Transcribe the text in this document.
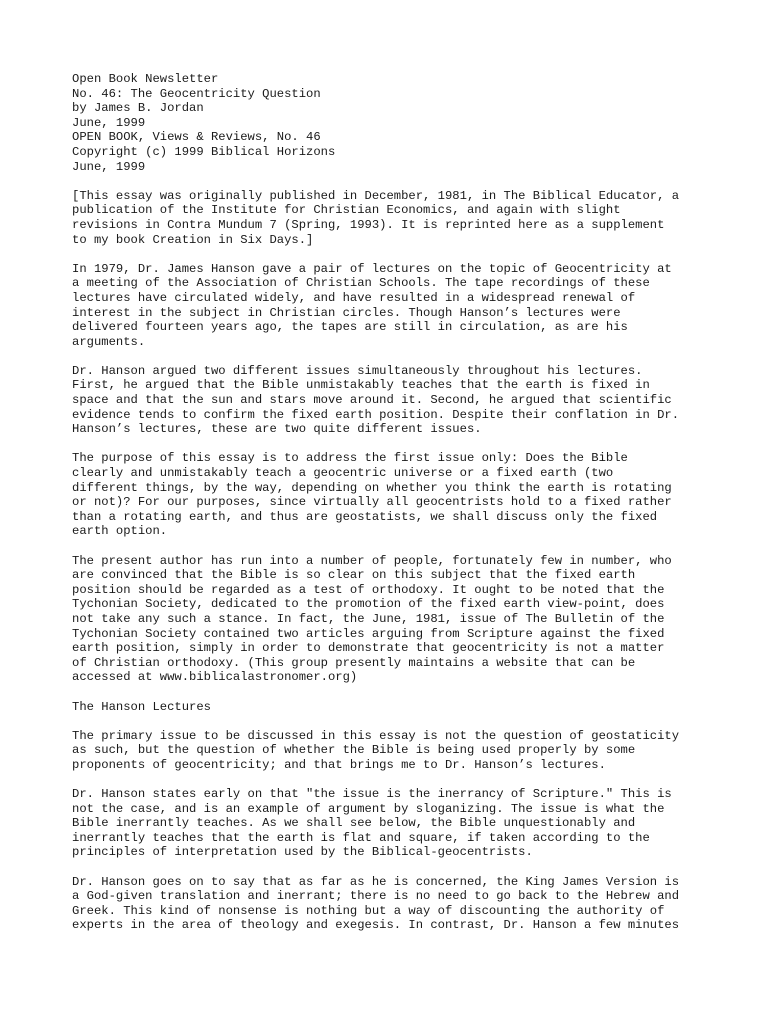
Open Book Newsletter
No. 46: The Geocentricity Question
by James B. Jordan
June, 1999
OPEN BOOK, Views & Reviews, No. 46
Copyright (c) 1999 Biblical Horizons
June, 1999

[This essay was originally published in December, 1981, in The Biblical Educator, a
publication of the Institute for Christian Economics, and again with slight
revisions in Contra Mundum 7 (Spring, 1993). It is reprinted here as a supplement
to my book Creation in Six Days.]

In 1979, Dr. James Hanson gave a pair of lectures on the topic of Geocentricity at
a meeting of the Association of Christian Schools. The tape recordings of these
lectures have circulated widely, and have resulted in a widespread renewal of
interest in the subject in Christian circles. Though Hanson’s lectures were
delivered fourteen years ago, the tapes are still in circulation, as are his
arguments.

Dr. Hanson argued two different issues simultaneously throughout his lectures.
First, he argued that the Bible unmistakably teaches that the earth is fixed in
space and that the sun and stars move around it. Second, he argued that scientific
evidence tends to confirm the fixed earth position. Despite their conflation in Dr.
Hanson’s lectures, these are two quite different issues.

The purpose of this essay is to address the first issue only: Does the Bible
clearly and unmistakably teach a geocentric universe or a fixed earth (two
different things, by the way, depending on whether you think the earth is rotating
or not)? For our purposes, since virtually all geocentrists hold to a fixed rather
than a rotating earth, and thus are geostatists, we shall discuss only the fixed
earth option.

The present author has run into a number of people, fortunately few in number, who
are convinced that the Bible is so clear on this subject that the fixed earth
position should be regarded as a test of orthodoxy. It ought to be noted that the
Tychonian Society, dedicated to the promotion of the fixed earth view-point, does
not take any such a stance. In fact, the June, 1981, issue of The Bulletin of the
Tychonian Society contained two articles arguing from Scripture against the fixed
earth position, simply in order to demonstrate that geocentricity is not a matter
of Christian orthodoxy. (This group presently maintains a website that can be
accessed at www.biblicalastronomer.org)

The Hanson Lectures

The primary issue to be discussed in this essay is not the question of geostaticity
as such, but the question of whether the Bible is being used properly by some
proponents of geocentricity; and that brings me to Dr. Hanson’s lectures.

Dr. Hanson states early on that "the issue is the inerrancy of Scripture." This is
not the case, and is an example of argument by sloganizing. The issue is what the
Bible inerrantly teaches. As we shall see below, the Bible unquestionably and
inerrantly teaches that the earth is flat and square, if taken according to the
principles of interpretation used by the Biblical-geocentrists.

Dr. Hanson goes on to say that as far as he is concerned, the King James Version is
a God-given translation and inerrant; there is no need to go back to the Hebrew and
Greek. This kind of nonsense is nothing but a way of discounting the authority of
experts in the area of theology and exegesis. In contrast, Dr. Hanson a few minutes
